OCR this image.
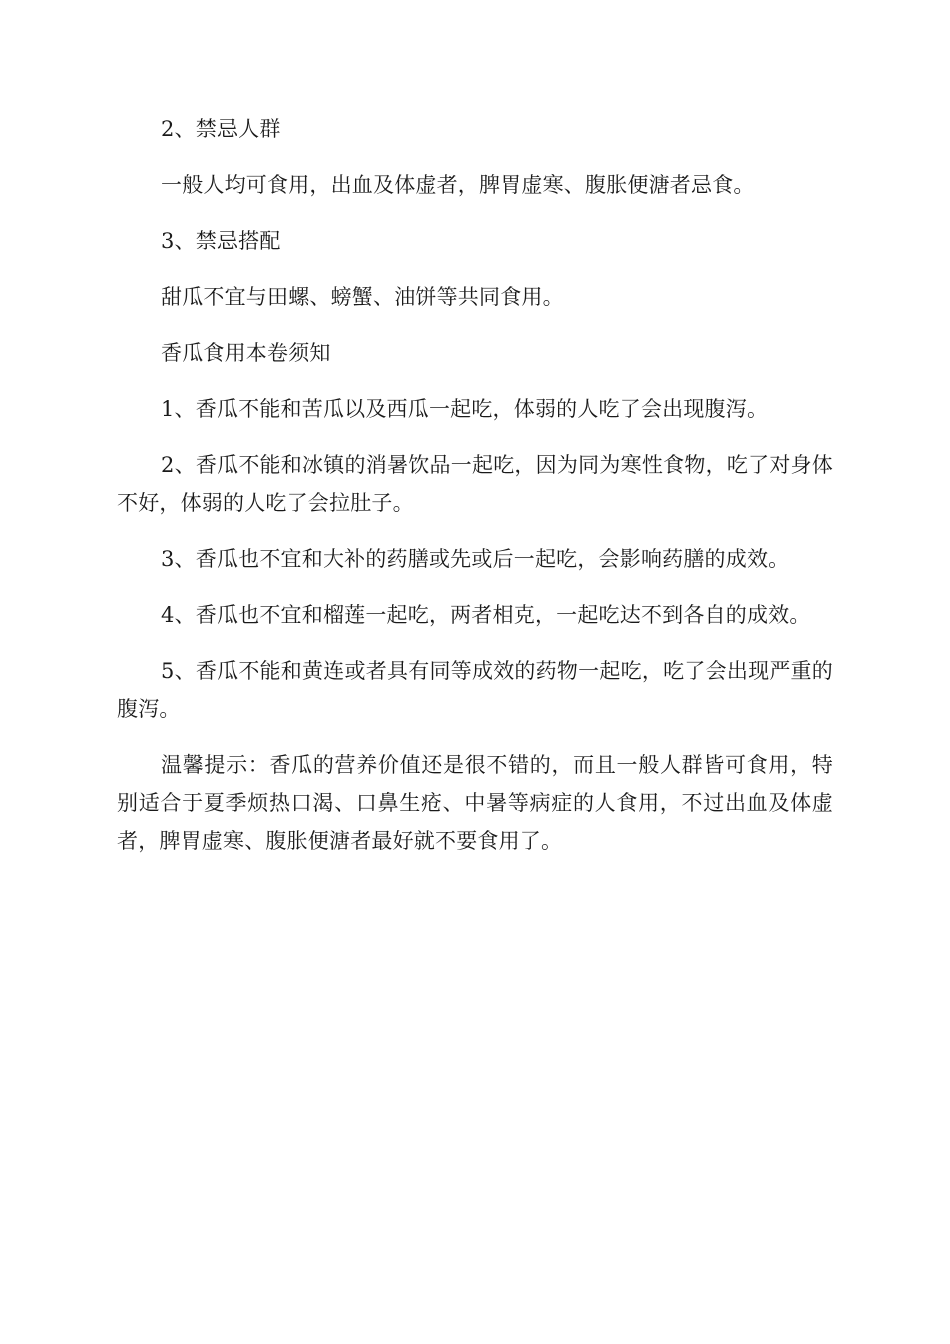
2、禁忌人群

一般人均可食用，出血及体虚者，脾胃虚寒、腹胀便溏者忌食。

3、禁忌搭配

甜瓜不宜与田螺、螃蟹、油饼等共同食用。

香瓜食用本卷须知

1、香瓜不能和苦瓜以及西瓜一起吃，体弱的人吃了会出现腹泻。

2、香瓜不能和冰镇的消暑饮品一起吃，因为同为寒性食物，吃了对身体不好，体弱的人吃了会拉肚子。

3、香瓜也不宜和大补的药膳或先或后一起吃，会影响药膳的成效。

4、香瓜也不宜和榴莲一起吃，两者相克，一起吃达不到各自的成效。

5、香瓜不能和黄连或者具有同等成效的药物一起吃，吃了会出现严重的腹泻。

温馨提示：香瓜的营养价值还是很不错的，而且一般人群皆可食用，特别适合于夏季烦热口渴、口鼻生疮、中暑等病症的人食用，不过出血及体虚者，脾胃虚寒、腹胀便溏者最好就不要食用了。
